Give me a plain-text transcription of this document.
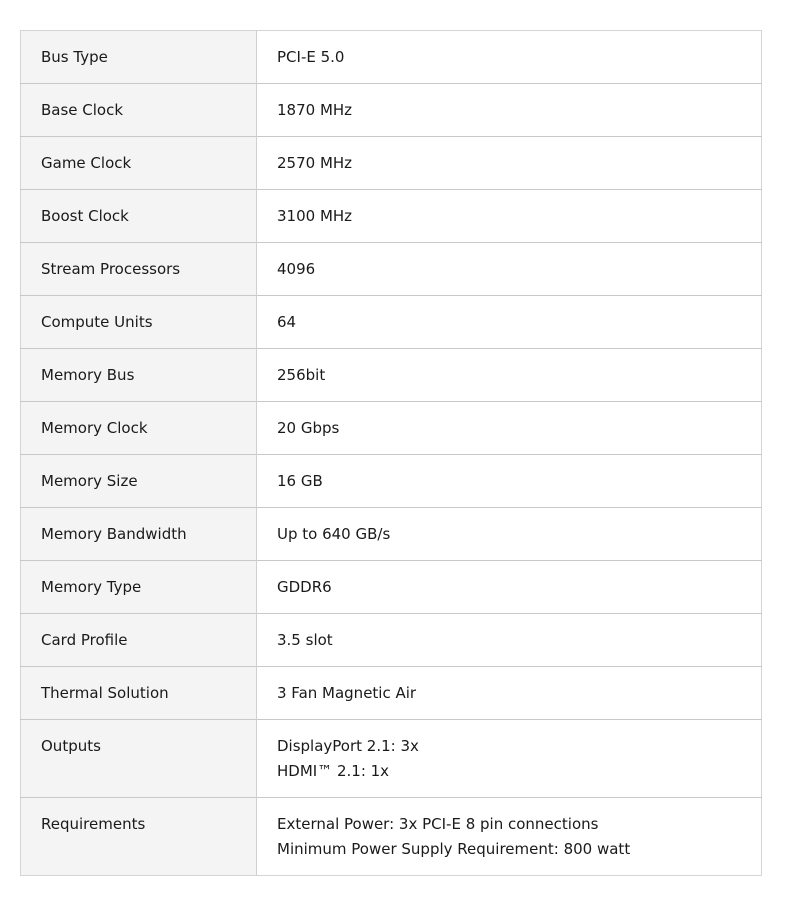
Bus Type	PCI-E 5.0

Base Clock	1870 MHz

Game Clock	2570 MHz

Boost Clock	3100 MHz

Stream Processors	4096

Compute Units	64

Memory Bus	256bit

Memory Clock	20 Gbps

Memory Size	16 GB

Memory Bandwidth	Up to 640 GB/s

Memory Type	GDDR6

Card Profile	3.5 slot

Thermal Solution	3 Fan Magnetic Air

Outputs	DisplayPort 2.1: 3x
HDMI™ 2.1: 1x

Requirements	External Power: 3x PCI-E 8 pin connections
Minimum Power Supply Requirement: 800 watt
